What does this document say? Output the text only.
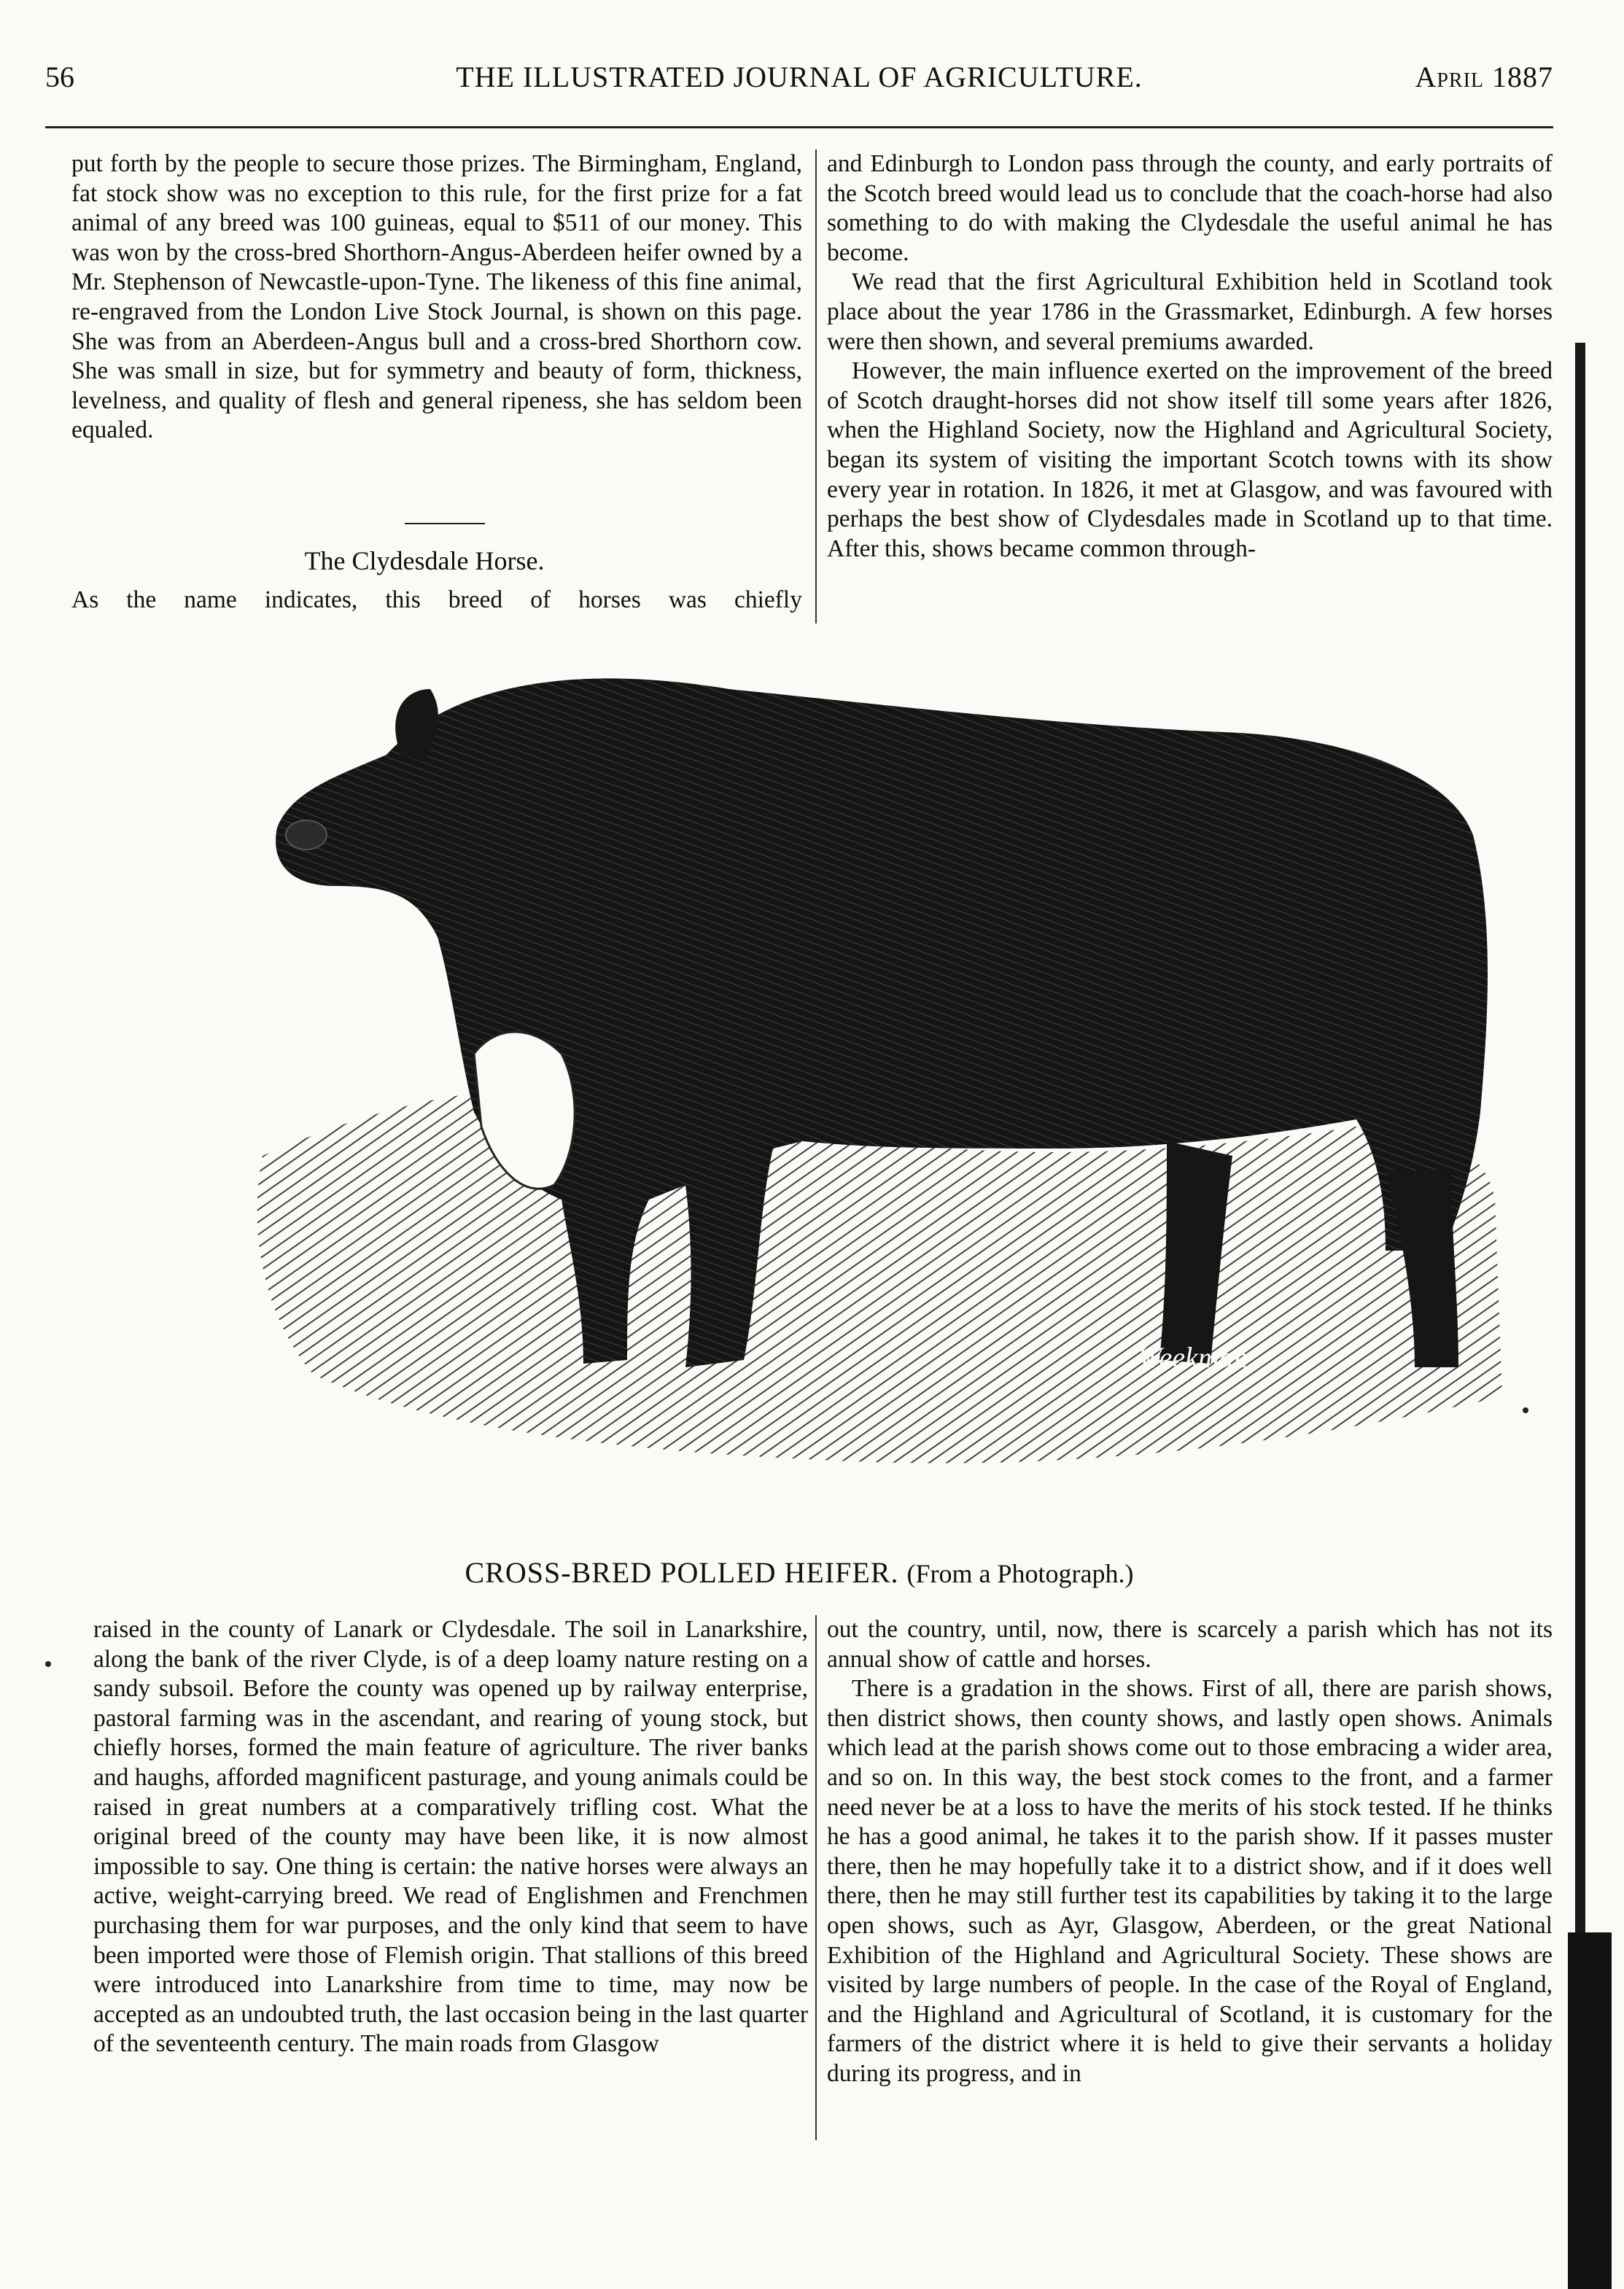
56	THE ILLUSTRATED JOURNAL OF AGRICULTURE.	April 1887

put forth by the people to secure those prizes. The Birmingham, England, fat stock show was no exception to this rule, for the first prize for a fat animal of any breed was 100 guineas, equal to $511 of our money. This was won by the cross-bred Shorthorn-Angus-Aberdeen heifer owned by a Mr. Stephenson of Newcastle-upon-Tyne. The likeness of this fine animal, re-engraved from the London Live Stock Journal, is shown on this page. She was from an Aberdeen-Angus bull and a cross-bred Shorthorn cow. She was small in size, but for symmetry and beauty of form, thickness, levelness, and quality of flesh and general ripeness, she has seldom been equaled.

The Clydesdale Horse.

As the name indicates, this breed of horses was chiefly

and Edinburgh to London pass through the county, and early portraits of the Scotch breed would lead us to conclude that the coach-horse had also something to do with making the Clydesdale the useful animal he has become.

We read that the first Agricultural Exhibition held in Scotland took place about the year 1786 in the Grassmarket, Edinburgh. A few horses were then shown, and several premiums awarded.

However, the main influence exerted on the improvement of the breed of Scotch draught-horses did not show itself till some years after 1826, when the Highland Society, now the Highland and Agricultural Society, began its system of visiting the important Scotch towns with its show every year in rotation. In 1826, it met at Glasgow, and was favoured with perhaps the best show of Clydesdales made in Scotland up to that time. After this, shows became common through-

Weekman
CROSS-BRED POLLED HEIFER. (From a Photograph.)

raised in the county of Lanark or Clydesdale. The soil in Lanarkshire, along the bank of the river Clyde, is of a deep loamy nature resting on a sandy subsoil. Before the county was opened up by railway enterprise, pastoral farming was in the ascendant, and rearing of young stock, but chiefly horses, formed the main feature of agriculture. The river banks and haughs, afforded magnificent pasturage, and young animals could be raised in great numbers at a comparatively trifling cost. What the original breed of the county may have been like, it is now almost impossible to say. One thing is certain: the native horses were always an active, weight-carrying breed. We read of Englishmen and Frenchmen purchasing them for war purposes, and the only kind that seem to have been imported were those of Flemish origin. That stallions of this breed were introduced into Lanarkshire from time to time, may now be accepted as an undoubted truth, the last occasion being in the last quarter of the seventeenth century. The main roads from Glasgow

out the country, until, now, there is scarcely a parish which has not its annual show of cattle and horses.

There is a gradation in the shows. First of all, there are parish shows, then district shows, then county shows, and lastly open shows. Animals which lead at the parish shows come out to those embracing a wider area, and so on. In this way, the best stock comes to the front, and a farmer need never be at a loss to have the merits of his stock tested. If he thinks he has a good animal, he takes it to the parish show. If it passes muster there, then he may hopefully take it to a district show, and if it does well there, then he may still further test its capabilities by taking it to the large open shows, such as Ayr, Glasgow, Aberdeen, or the great National Exhibition of the Highland and Agricultural Society. These shows are visited by large numbers of people. In the case of the Royal of England, and the Highland and Agricultural of Scotland, it is customary for the farmers of the district where it is held to give their servants a holiday during its progress, and in
